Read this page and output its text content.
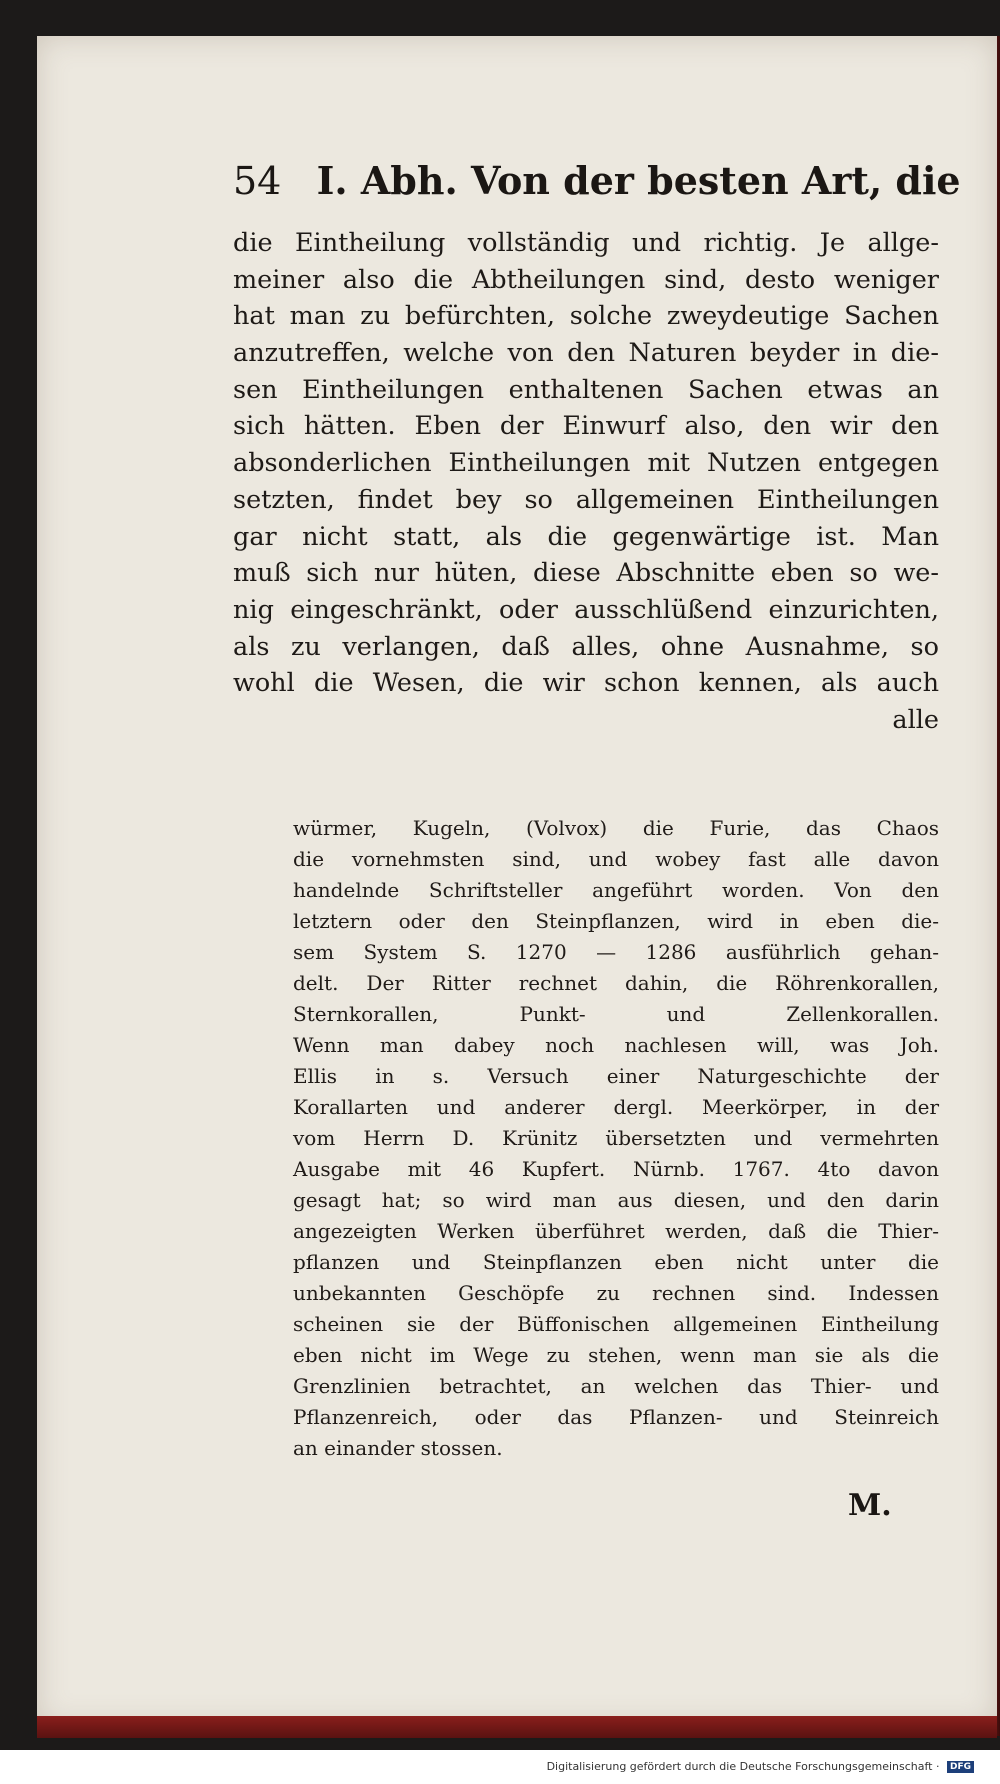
54 I. Abh. Von der besten Art, die
die Eintheilung vollständig und richtig. Je allge-
meiner also die Abtheilungen sind, desto weniger
hat man zu befürchten, solche zweydeutige Sachen
anzutreffen, welche von den Naturen beyder in die-
sen Eintheilungen enthaltenen Sachen etwas an
sich hätten. Eben der Einwurf also, den wir den
absonderlichen Eintheilungen mit Nutzen entgegen
setzten, findet bey so allgemeinen Eintheilungen
gar nicht statt, als die gegenwärtige ist. Man
muß sich nur hüten, diese Abschnitte eben so we-
nig eingeschränkt, oder ausschlüßend einzurichten,
als zu verlangen, daß alles, ohne Ausnahme, so
wohl die Wesen, die wir schon kennen, als auch
alle
würmer, Kugeln, (Volvox) die Furie, das Chaos
die vornehmsten sind, und wobey fast alle davon
handelnde Schriftsteller angeführt worden. Von den
letztern oder den Steinpflanzen, wird in eben die-
sem System S. 1270 — 1286 ausführlich gehan-
delt. Der Ritter rechnet dahin, die Röhrenkorallen,
Sternkorallen, Punkt- und Zellenkorallen.
Wenn man dabey noch nachlesen will, was Joh.
Ellis in s. Versuch einer Naturgeschichte der
Korallarten und anderer dergl. Meerkörper, in der
vom Herrn D. Krünitz übersetzten und vermehrten
Ausgabe mit 46 Kupfert. Nürnb. 1767. 4to davon
gesagt hat; so wird man aus diesen, und den darin
angezeigten Werken überführet werden, daß die Thier-
pflanzen und Steinpflanzen eben nicht unter die
unbekannten Geschöpfe zu rechnen sind. Indessen
scheinen sie der Büffonischen allgemeinen Eintheilung
eben nicht im Wege zu stehen, wenn man sie als die
Grenzlinien betrachtet, an welchen das Thier- und
Pflanzenreich, oder das Pflanzen- und Steinreich
an einander stossen.
M.
Digitalisierung gefördert durch die Deutsche Forschungsgemeinschaft · DFG
